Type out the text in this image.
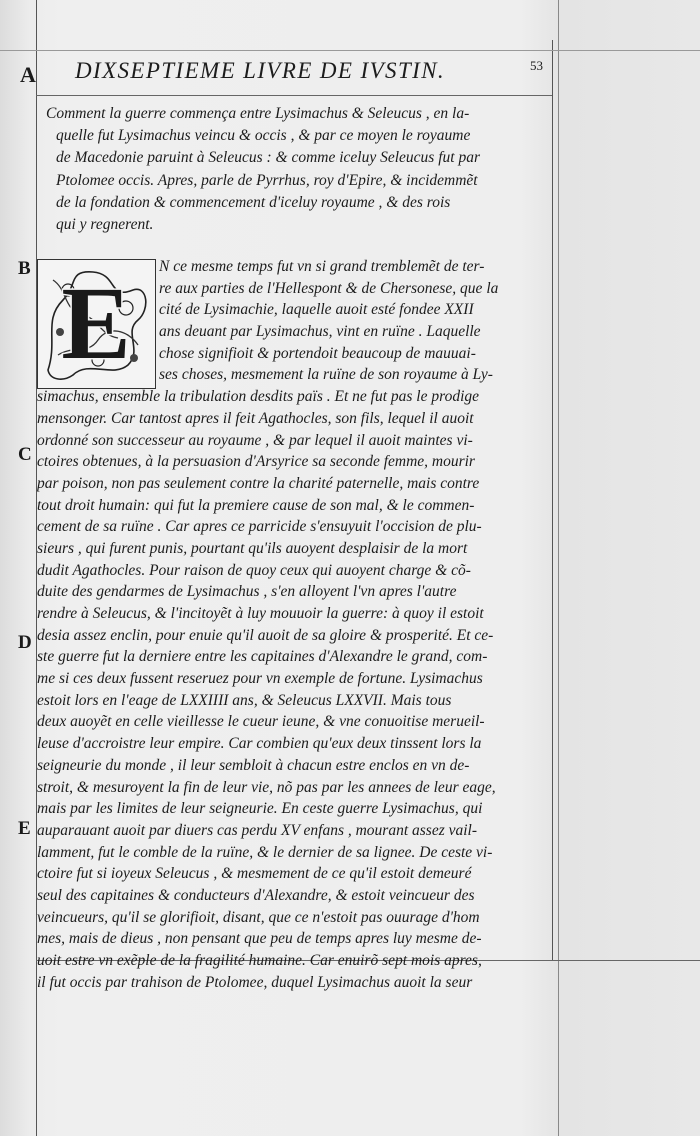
A DIXSEPTIEME LIVRE DE IVSTIN.	53
Comment la guerre commença entre Lysimachus & Seleucus , en la-
quelle fut Lysimachus veincu & occis , & par ce moyen le royaume
de Macedonie paruint à Seleucus : & comme iceluy Seleucus fut par
Ptolomee occis. Apres, parle de Pyrrhus, roy d'Epire, & incidemmẽt
de la fondation & commencement d'iceluy royaume , & des rois
qui y regnerent.
B
C
D
E
E	N ce mesme temps fut vn si grand tremblemẽt de ter-
re aux parties de l'Hellespont & de Chersonese, que la
cité de Lysimachie, laquelle auoit esté fondee XXII
ans deuant par Lysimachus, vint en ruïne . Laquelle
chose signifioit & portendoit beaucoup de mauuai-
ses choses, mesmement la ruïne de son royaume à Ly-
simachus, ensemble la tribulation desdits païs . Et ne fut pas le prodige
mensonger. Car tantost apres il feit Agathocles, son fils, lequel il auoit
ordonné son successeur au royaume , & par lequel il auoit maintes vi-
ctoires obtenues, à la persuasion d'Arsyrice sa seconde femme, mourir
par poison, non pas seulement contre la charité paternelle, mais contre
tout droit humain: qui fut la premiere cause de son mal, & le commen-
cement de sa ruïne . Car apres ce parricide s'ensuyuit l'occision de plu-
sieurs , qui furent punis, pourtant qu'ils auoyent desplaisir de la mort
dudit Agathocles. Pour raison de quoy ceux qui auoyent charge & cõ-
duite des gendarmes de Lysimachus , s'en alloyent l'vn apres l'autre
rendre à Seleucus, & l'incitoyẽt à luy mouuoir la guerre: à quoy il estoit
desia assez enclin, pour enuie qu'il auoit de sa gloire & prosperité. Et ce-
ste guerre fut la derniere entre les capitaines d'Alexandre le grand, com-
me si ces deux fussent reseruez pour vn exemple de fortune. Lysimachus
estoit lors en l'eage de LXXIIII ans, & Seleucus LXXVII. Mais tous
deux auoyẽt en celle vieillesse le cueur ieune, & vne conuoitise merueil-
leuse d'accroistre leur empire. Car combien qu'eux deux tinssent lors la
seigneurie du monde , il leur sembloit à chacun estre enclos en vn de-
stroit, & mesuroyent la fin de leur vie, nõ pas par les annees de leur eage,
mais par les limites de leur seigneurie. En ceste guerre Lysimachus, qui
auparauant auoit par diuers cas perdu XV enfans , mourant assez vail-
lamment, fut le comble de la ruïne, & le dernier de sa lignee. De ceste vi-
ctoire fut si ioyeux Seleucus , & mesmement de ce qu'il estoit demeuré
seul des capitaines & conducteurs d'Alexandre, & estoit veincueur des
veincueurs, qu'il se glorifioit, disant, que ce n'estoit pas ouurage d'hom
mes, mais de dieus , non pensant que peu de temps apres luy mesme de-
uoit estre vn exẽple de la fragilité humaine. Car enuirõ sept mois apres,
il fut occis par trahison de Ptolomee, duquel Lysimachus auoit la seur
